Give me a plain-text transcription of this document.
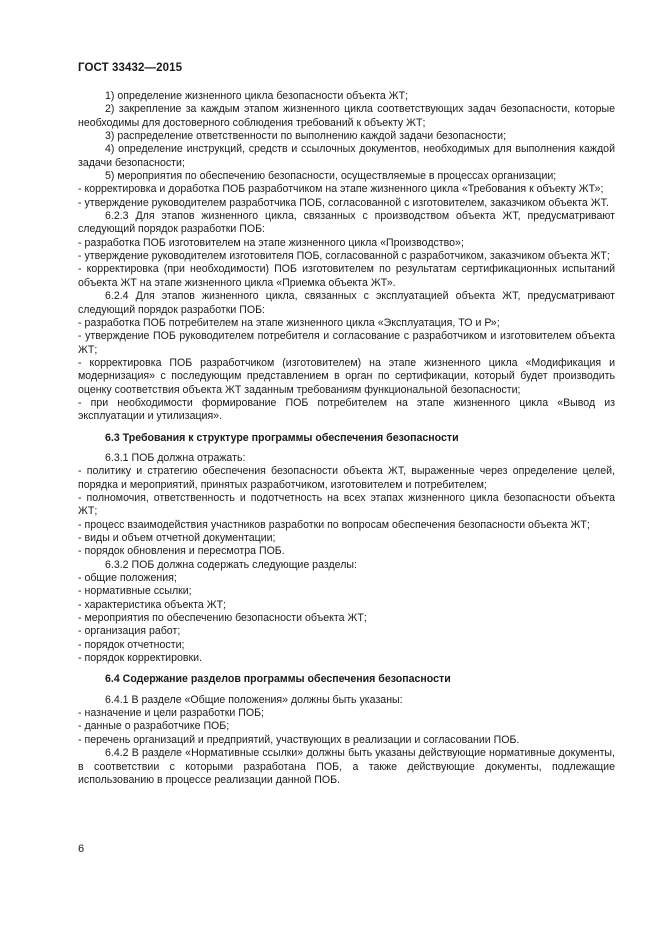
ГОСТ 33432—2015

1) определение жизненного цикла безопасности объекта ЖТ;

2) закрепление за каждым этапом жизненного цикла соответствующих задач безопасности, которые необходимы для достоверного соблюдения требований к объекту ЖТ;

3) распределение ответственности по выполнению каждой задачи безопасности;

4) определение инструкций, средств и ссылочных документов, необходимых для выполнения каждой задачи безопасности;

5) мероприятия по обеспечению безопасности, осуществляемые в процессах организации;

- корректировка и доработка ПОБ разработчиком на этапе жизненного цикла «Требования к объекту ЖТ»;

- утверждение руководителем разработчика ПОБ, согласованной с изготовителем, заказчиком объекта ЖТ.

6.2.3 Для этапов жизненного цикла, связанных с производством объекта ЖТ, предусматривают следующий порядок разработки ПОБ:

- разработка ПОБ изготовителем на этапе жизненного цикла «Производство»;

- утверждение руководителем изготовителя ПОБ, согласованной с разработчиком, заказчиком объекта ЖТ;

- корректировка (при необходимости) ПОБ изготовителем по результатам сертификационных испытаний объекта ЖТ на этапе жизненного цикла «Приемка объекта ЖТ».

6.2.4 Для этапов жизненного цикла, связанных с эксплуатацией объекта ЖТ, предусматривают следующий порядок разработки ПОБ:

- разработка ПОБ потребителем на этапе жизненного цикла «Эксплуатация, ТО и Р»;

- утверждение ПОБ руководителем потребителя и согласование с разработчиком и изготовителем объекта ЖТ;

- корректировка ПОБ разработчиком (изготовителем) на этапе жизненного цикла «Модификация и модернизация» с последующим представлением в орган по сертификации, который будет производить оценку соответствия объекта ЖТ заданным требованиям функциональной безопасности;

- при необходимости формирование ПОБ потребителем на этапе жизненного цикла «Вывод из эксплуатации и утилизация».

6.3 Требования к структуре программы обеспечения безопасности

6.3.1 ПОБ должна отражать:

- политику и стратегию обеспечения безопасности объекта ЖТ, выраженные через определение целей, порядка и мероприятий, принятых разработчиком, изготовителем и потребителем;

- полномочия, ответственность и подотчетность на всех этапах жизненного цикла безопасности объекта ЖТ;

- процесс взаимодействия участников разработки по вопросам обеспечения безопасности объекта ЖТ;

- виды и объем отчетной документации;

- порядок обновления и пересмотра ПОБ.

6.3.2 ПОБ должна содержать следующие разделы:

- общие положения;

- нормативные ссылки;

- характеристика объекта ЖТ;

- мероприятия по обеспечению безопасности объекта ЖТ;

- организация работ;

- порядок отчетности;

- порядок корректировки.

6.4 Содержание разделов программы обеспечения безопасности

6.4.1 В разделе «Общие положения» должны быть указаны:

- назначение и цели разработки ПОБ;

- данные о разработчике ПОБ;

- перечень организаций и предприятий, участвующих в реализации и согласовании ПОБ.

6.4.2 В разделе «Нормативные ссылки» должны быть указаны действующие нормативные документы, в соответствии с которыми разработана ПОБ, а также действующие документы, подлежащие использованию в процессе реализации данной ПОБ.

6
